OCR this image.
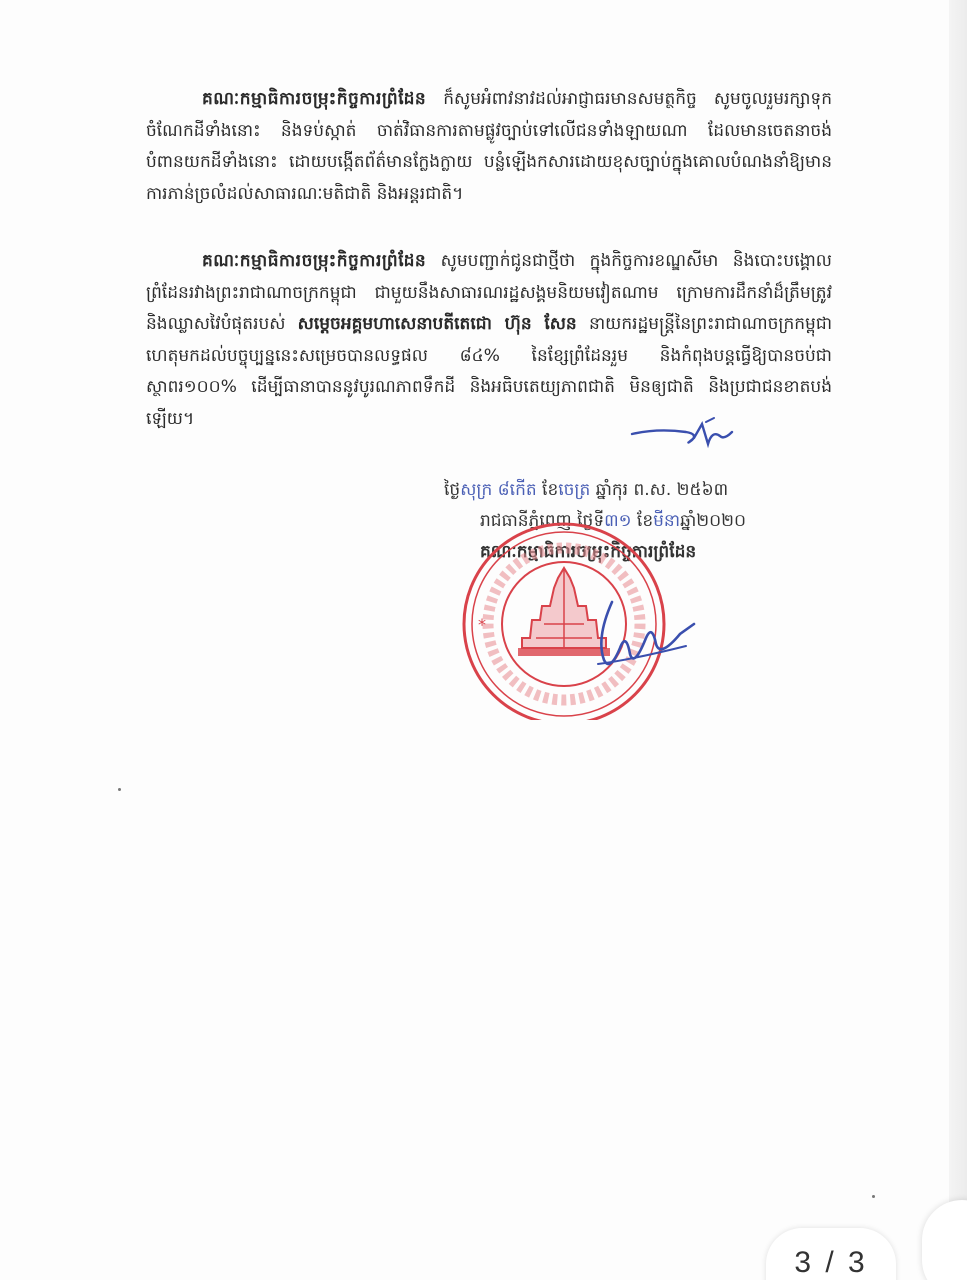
គណៈកម្មាធិការចម្រុះកិច្ចការព្រំដែន ក៏សូមអំពាវនាវដល់អាជ្ញាធរមានសមត្ថកិច្ច សូមចូលរួមរក្សាទុកចំណែកដីទាំងនោះ និងទប់ស្កាត់ ចាត់វិធានការតាមផ្លូវច្បាប់ទៅលើជនទាំងឡាយណា ដែលមានចេតនាចង់បំពានយកដីទាំងនោះ ដោយបង្កើតព័ត៌មានក្លែងក្លាយ បន្លំឡើងកសារដោយខុសច្បាប់ក្នុងគោលបំណងនាំឱ្យមានការភាន់ច្រលំដល់សាធារណៈមតិជាតិ និងអន្តរជាតិ។

គណៈកម្មាធិការចម្រុះកិច្ចការព្រំដែន សូមបញ្ជាក់ជូនជាថ្មីថា ក្នុងកិច្ចការខណ្ឌសីមា និងបោះបង្គោលព្រំដែនរវាងព្រះរាជាណាចក្រកម្ពុជា ជាមួយនឹងសាធារណរដ្ឋសង្គមនិយមវៀតណាម ក្រោមការដឹកនាំដ៏ត្រឹមត្រូវ និងឈ្លាសវៃបំផុតរបស់ សម្តេចអគ្គមហាសេនាបតីតេជោ ហ៊ុន សែន នាយករដ្ឋមន្ត្រីនៃព្រះរាជាណាចក្រកម្ពុជា ហេតុមកដល់បច្ចុប្បន្ននេះសម្រេចបានលទ្ធផល ៨៤% នៃខ្សែព្រំដែនរួម និងកំពុងបន្តធ្វើឱ្យបានចប់ជាស្ថាពរ១០០% ដើម្បីធានាបាននូវបូរណភាពទឹកដី និងអធិបតេយ្យភាពជាតិ មិនឲ្យជាតិ និងប្រជាជនខាតបង់ឡើយ។

ថ្ងៃសុក្រ ៨កើត ខែចេត្រ ឆ្នាំកុរ ព.ស. ២៥៦៣
រាជធានីភ្នំពេញ ថ្ងៃទី៣១ ខែមីនាឆ្នាំ២០២០
គណៈកម្មាធិការចម្រុះកិច្ចការព្រំដែន
*
3 / 3
